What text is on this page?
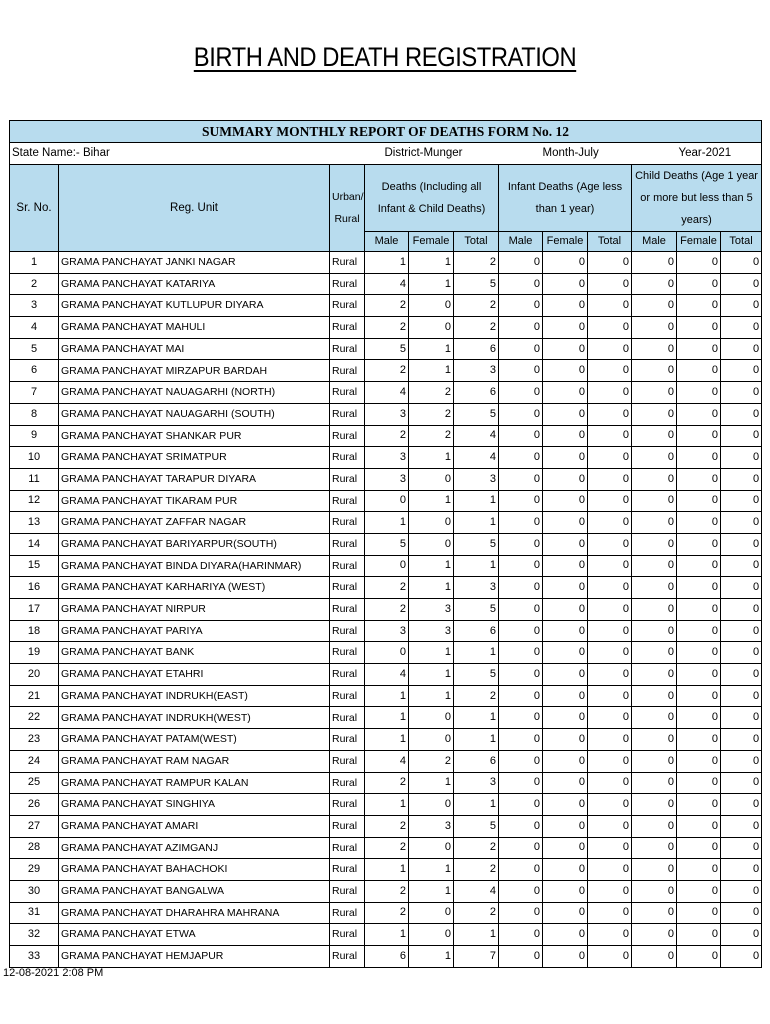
BIRTH AND DEATH REGISTRATION
SUMMARY MONTHLY REPORT OF DEATHS FORM No. 12											
State Name:- Bihar			District-Munger				Month-July			Year-2021	
Sr. No.	Reg. Unit	Urban/ Rural	Deaths (Including all Infant & Child Deaths)			Infant Deaths (Age less than 1 year)			Child Deaths (Age 1 year or more but less than 5 years)		
			Male	Female	Total	Male	Female	Total	Male	Female	Total
1	GRAMA PANCHAYAT JANKI NAGAR	Rural	1	1	2	0	0	0	0	0	0
2	GRAMA PANCHAYAT KATARIYA	Rural	4	1	5	0	0	0	0	0	0
3	GRAMA PANCHAYAT KUTLUPUR DIYARA	Rural	2	0	2	0	0	0	0	0	0
4	GRAMA PANCHAYAT MAHULI	Rural	2	0	2	0	0	0	0	0	0
5	GRAMA PANCHAYAT MAI	Rural	5	1	6	0	0	0	0	0	0
6	GRAMA PANCHAYAT MIRZAPUR BARDAH	Rural	2	1	3	0	0	0	0	0	0
7	GRAMA PANCHAYAT NAUAGARHI (NORTH)	Rural	4	2	6	0	0	0	0	0	0
8	GRAMA PANCHAYAT NAUAGARHI (SOUTH)	Rural	3	2	5	0	0	0	0	0	0
9	GRAMA PANCHAYAT SHANKAR PUR	Rural	2	2	4	0	0	0	0	0	0
10	GRAMA PANCHAYAT SRIMATPUR	Rural	3	1	4	0	0	0	0	0	0
11	GRAMA PANCHAYAT TARAPUR DIYARA	Rural	3	0	3	0	0	0	0	0	0
12	GRAMA PANCHAYAT TIKARAM PUR	Rural	0	1	1	0	0	0	0	0	0
13	GRAMA PANCHAYAT ZAFFAR NAGAR	Rural	1	0	1	0	0	0	0	0	0
14	GRAMA PANCHAYAT BARIYARPUR(SOUTH)	Rural	5	0	5	0	0	0	0	0	0
15	GRAMA PANCHAYAT BINDA DIYARA(HARINMAR)	Rural	0	1	1	0	0	0	0	0	0
16	GRAMA PANCHAYAT KARHARIYA (WEST)	Rural	2	1	3	0	0	0	0	0	0
17	GRAMA PANCHAYAT NIRPUR	Rural	2	3	5	0	0	0	0	0	0
18	GRAMA PANCHAYAT PARIYA	Rural	3	3	6	0	0	0	0	0	0
19	GRAMA PANCHAYAT BANK	Rural	0	1	1	0	0	0	0	0	0
20	GRAMA PANCHAYAT ETAHRI	Rural	4	1	5	0	0	0	0	0	0
21	GRAMA PANCHAYAT INDRUKH(EAST)	Rural	1	1	2	0	0	0	0	0	0
22	GRAMA PANCHAYAT INDRUKH(WEST)	Rural	1	0	1	0	0	0	0	0	0
23	GRAMA PANCHAYAT PATAM(WEST)	Rural	1	0	1	0	0	0	0	0	0
24	GRAMA PANCHAYAT RAM NAGAR	Rural	4	2	6	0	0	0	0	0	0
25	GRAMA PANCHAYAT RAMPUR KALAN	Rural	2	1	3	0	0	0	0	0	0
26	GRAMA PANCHAYAT SINGHIYA	Rural	1	0	1	0	0	0	0	0	0
27	GRAMA PANCHAYAT AMARI	Rural	2	3	5	0	0	0	0	0	0
28	GRAMA PANCHAYAT AZIMGANJ	Rural	2	0	2	0	0	0	0	0	0
29	GRAMA PANCHAYAT BAHACHOKI	Rural	1	1	2	0	0	0	0	0	0
30	GRAMA PANCHAYAT BANGALWA	Rural	2	1	4	0	0	0	0	0	0
31	GRAMA PANCHAYAT DHARAHRA MAHRANA	Rural	2	0	2	0	0	0	0	0	0
32	GRAMA PANCHAYAT ETWA	Rural	1	0	1	0	0	0	0	0	0
33	GRAMA PANCHAYAT HEMJAPUR	Rural	6	1	7	0	0	0	0	0	0
12-08-2021 2:08 PM
